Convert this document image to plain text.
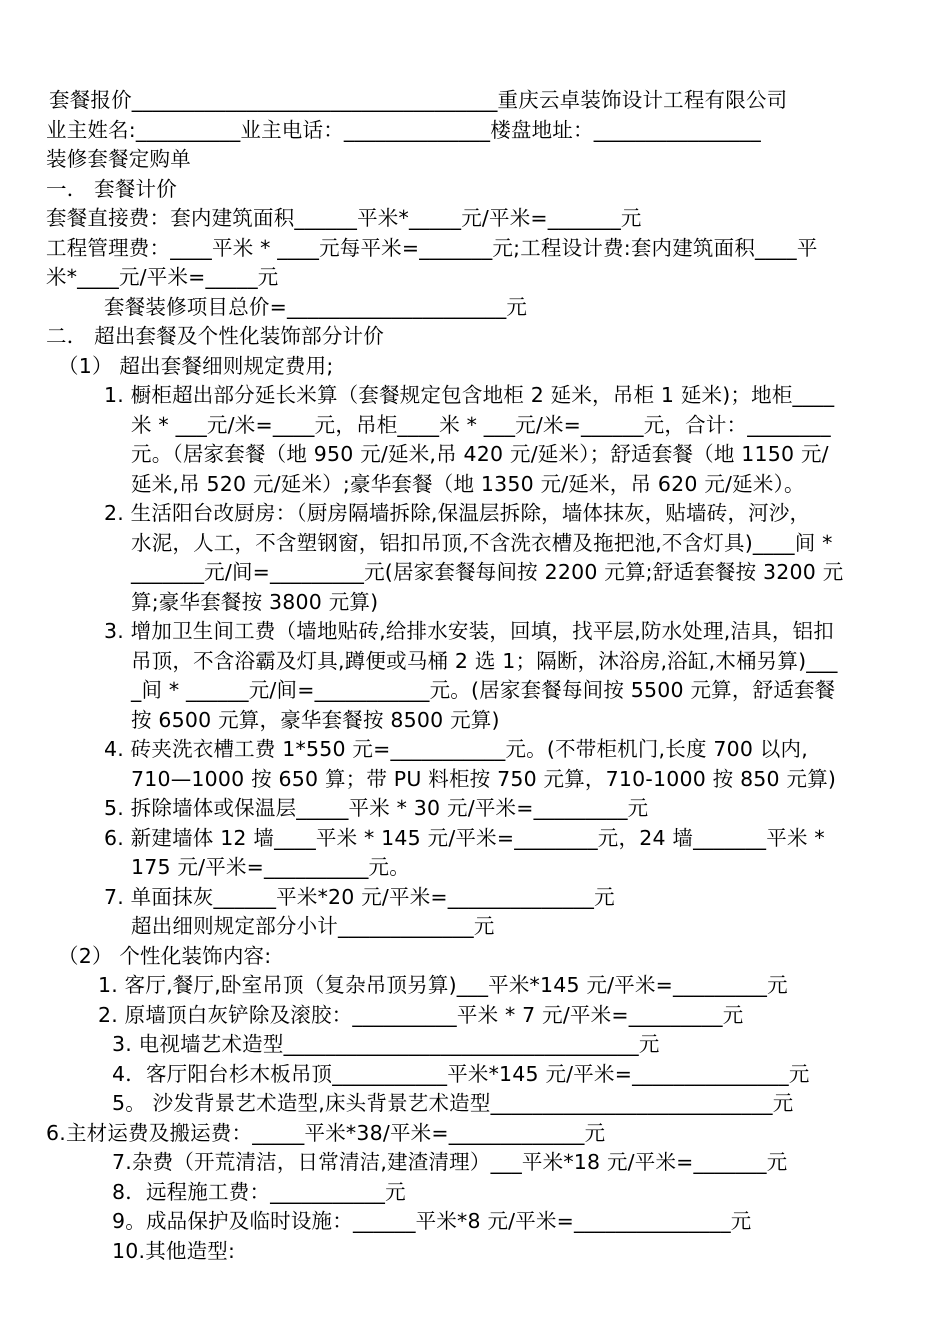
套餐报价___________________________________重庆云卓装饰设计工程有限公司
业主姓名:__________业主电话：______________楼盘地址：________________
装修套餐定购单
一． 套餐计价
套餐直接费：套内建筑面积______平米*_____元/平米=_______元
工程管理费：____平米 * ____元每平米=_______元;工程设计费:套内建筑面积____平
米*____元/平米=_____元
套餐装修项目总价=_____________________元
二． 超出套餐及个性化装饰部分计价
（1） 超出套餐细则规定费用;
1. 橱柜超出部分延长米算（套餐规定包含地柜 2 延米，吊柜 1 延米)；地柜____
米 * ___元/米=____元，吊柜____米 * ___元/米=______元，合计：________
元。（居家套餐（地 950 元/延米,吊 420 元/延米）；舒适套餐（地 1150 元/
延米,吊 520 元/延米）;豪华套餐（地 1350 元/延米，吊 620 元/延米）。
2. 生活阳台改厨房：（厨房隔墙拆除,保温层拆除，墙体抹灰，贴墙砖，河沙，
水泥，人工，不含塑钢窗，铝扣吊顶,不含洗衣槽及拖把池,不含灯具)____间 *
_______元/间=_________元(居家套餐每间按 2200 元算;舒适套餐按 3200 元
算;豪华套餐按 3800 元算)
3. 增加卫生间工费（墙地贴砖,给排水安装，回填，找平层,防水处理,洁具，铝扣
吊顶，不含浴霸及灯具,蹲便或马桶 2 选 1；隔断，沐浴房,浴缸,木桶另算)___
_间 * ______元/间=___________元。(居家套餐每间按 5500 元算，舒适套餐
按 6500 元算，豪华套餐按 8500 元算)
4. 砖夹洗衣槽工费 1*550 元=___________元。(不带柜机门,长度 700 以内,
710—1000 按 650 算；带 PU 料柜按 750 元算，710-1000 按 850 元算)
5. 拆除墙体或保温层_____平米 * 30 元/平米=_________元
6. 新建墙体 12 墙____平米 * 145 元/平米=________元，24 墙_______平米 *
175 元/平米=__________元。
7. 单面抹灰______平米*20 元/平米=______________元
超出细则规定部分小计_____________元
（2） 个性化装饰内容:
1. 客厅,餐厅,卧室吊顶（复杂吊顶另算)___平米*145 元/平米=_________元
2. 原墙顶白灰铲除及滚胶：__________平米 * 7 元/平米=_________元
3. 电视墙艺术造型__________________________________元
4．客厅阳台杉木板吊顶___________平米*145 元/平米=_______________元
5。 沙发背景艺术造型,床头背景艺术造型___________________________元
6.主材运费及搬运费：_____平米*38/平米=_____________元
7.杂费（开荒清洁，日常清洁,建渣清理）___平米*18 元/平米=_______元
8．远程施工费：___________元
9。成品保护及临时设施：______平米*8 元/平米=_______________元
10.其他造型:
